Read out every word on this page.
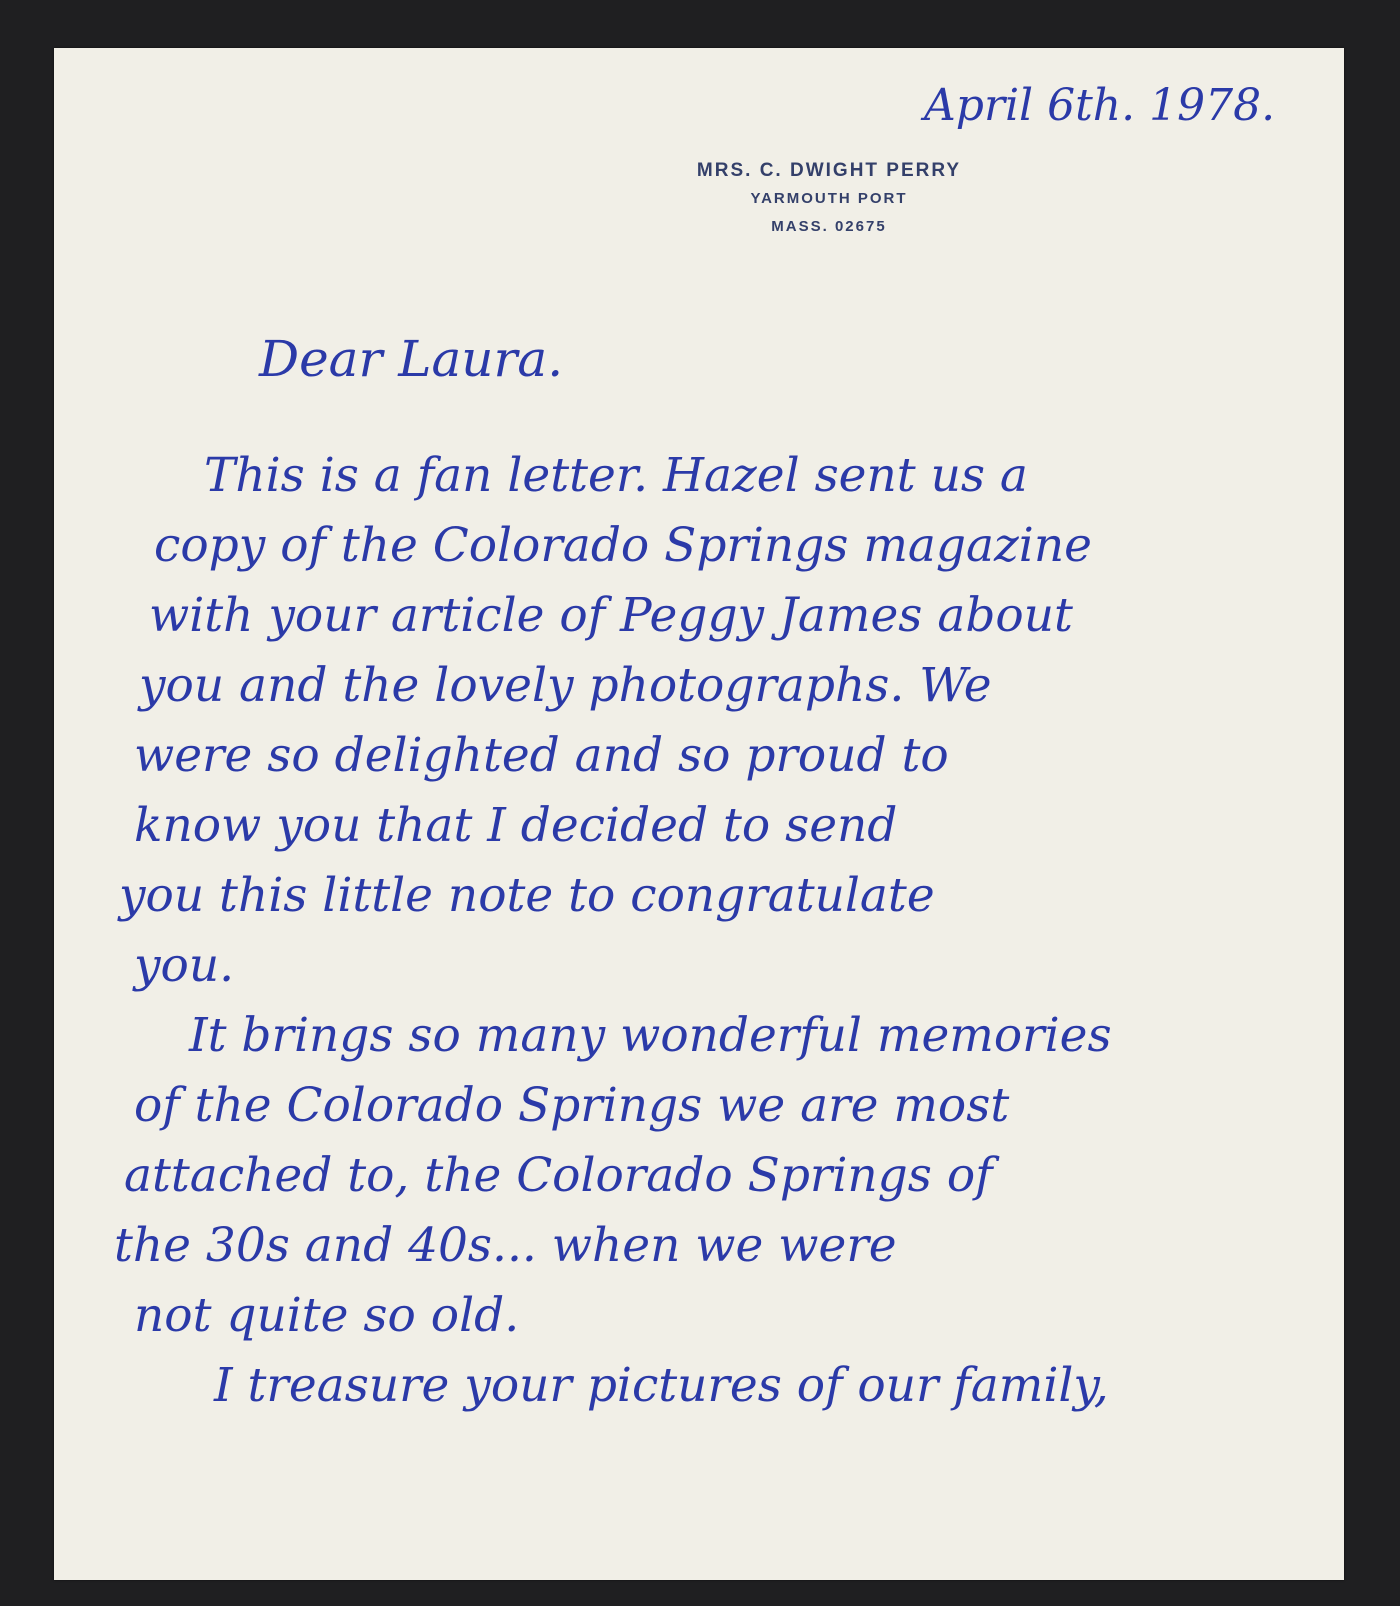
MRS. C. DWIGHT PERRY
YARMOUTH PORT
MASS. 02675
April 6th. 1978.
Dear Laura.
This is a fan letter. Hazel sent us a
copy of the Colorado Springs magazine
with your article of Peggy James about
you and the lovely photographs. We
were so delighted and so proud to
know you that I decided to send
you this little note to congratulate
you.
It brings so many wonderful memories
of the Colorado Springs we are most
attached to, the Colorado Springs of
the 30s and 40s... when we were
not quite so old.
I treasure your pictures of our family,
